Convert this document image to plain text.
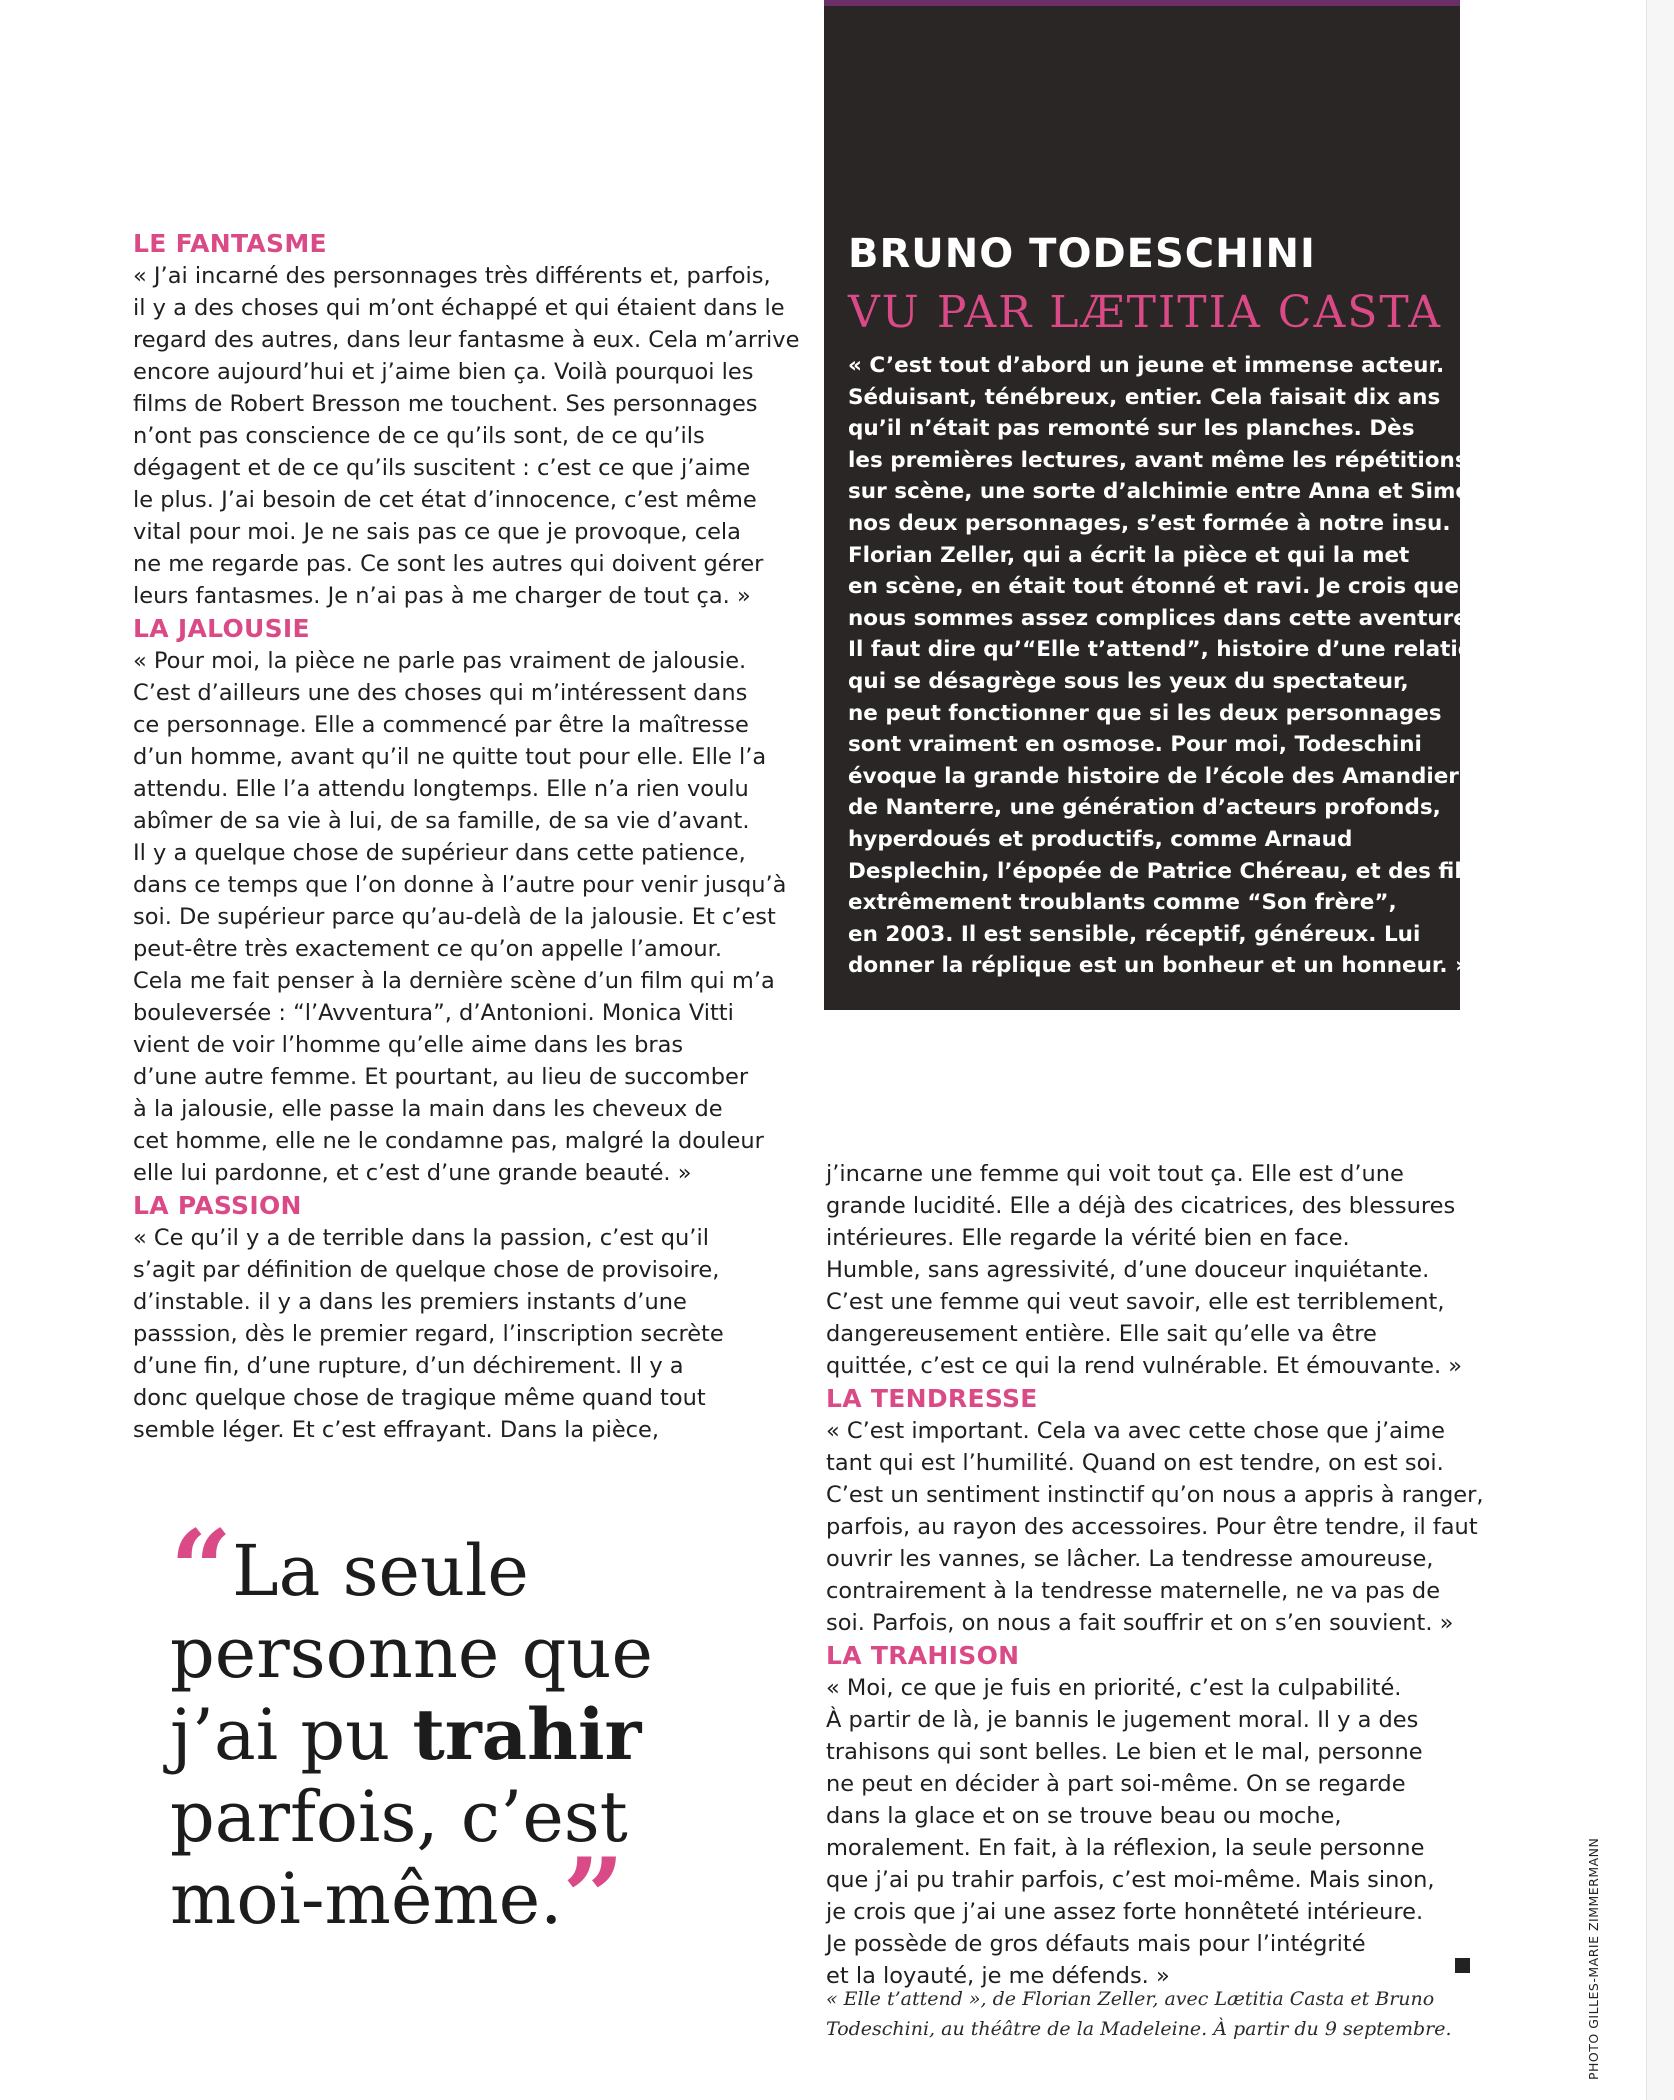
BRUNO TODESCHINI
VU PAR LÆTITIA CASTA
« C’est tout d’abord un jeune et immense acteur.
Séduisant, ténébreux, entier. Cela faisait dix ans
qu’il n’était pas remonté sur les planches. Dès
les premières lectures, avant même les répétitions
sur scène, une sorte d’alchimie entre Anna et Simon,
nos deux personnages, s’est formée à notre insu.
Florian Zeller, qui a écrit la pièce et qui la met
en scène, en était tout étonné et ravi. Je crois que
nous sommes assez complices dans cette aventure.
Il faut dire qu’“Elle t’attend”, histoire d’une relation
qui se désagrège sous les yeux du spectateur,
ne peut fonctionner que si les deux personnages
sont vraiment en osmose. Pour moi, Todeschini
évoque la grande histoire de l’école des Amandiers
de Nanterre, une génération d’acteurs profonds,
hyperdoués et productifs, comme Arnaud
Desplechin, l’épopée de Patrice Chéreau, et des films
extrêmement troublants comme “Son frère”,
en 2003. Il est sensible, réceptif, généreux. Lui
donner la réplique est un bonheur et un honneur. »
LE FANTASME
« J’ai incarné des personnages très différents et, parfois,
il y a des choses qui m’ont échappé et qui étaient dans le
regard des autres, dans leur fantasme à eux. Cela m’arrive
encore aujourd’hui et j’aime bien ça. Voilà pourquoi les
films de Robert Bresson me touchent. Ses personnages
n’ont pas conscience de ce qu’ils sont, de ce qu’ils
dégagent et de ce qu’ils suscitent : c’est ce que j’aime
le plus. J’ai besoin de cet état d’innocence, c’est même
vital pour moi. Je ne sais pas ce que je provoque, cela
ne me regarde pas. Ce sont les autres qui doivent gérer
leurs fantasmes. Je n’ai pas à me charger de tout ça. »
LA JALOUSIE
« Pour moi, la pièce ne parle pas vraiment de jalousie.
C’est d’ailleurs une des choses qui m’intéressent dans
ce personnage. Elle a commencé par être la maîtresse
d’un homme, avant qu’il ne quitte tout pour elle. Elle l’a
attendu. Elle l’a attendu longtemps. Elle n’a rien voulu
abîmer de sa vie à lui, de sa famille, de sa vie d’avant.
Il y a quelque chose de supérieur dans cette patience,
dans ce temps que l’on donne à l’autre pour venir jusqu’à
soi. De supérieur parce qu’au-delà de la jalousie. Et c’est
peut-être très exactement ce qu’on appelle l’amour.
Cela me fait penser à la dernière scène d’un film qui m’a
bouleversée : “l’Avventura”, d’Antonioni. Monica Vitti
vient de voir l’homme qu’elle aime dans les bras
d’une autre femme. Et pourtant, au lieu de succomber
à la jalousie, elle passe la main dans les cheveux de
cet homme, elle ne le condamne pas, malgré la douleur
elle lui pardonne, et c’est d’une grande beauté. »
LA PASSION
« Ce qu’il y a de terrible dans la passion, c’est qu’il
s’agit par définition de quelque chose de provisoire,
d’instable. il y a dans les premiers instants d’une
passsion, dès le premier regard, l’inscription secrète
d’une fin, d’une rupture, d’un déchirement. Il y a
donc quelque chose de tragique même quand tout
semble léger. Et c’est effrayant. Dans la pièce,
j’incarne une femme qui voit tout ça. Elle est d’une
grande lucidité. Elle a déjà des cicatrices, des blessures
intérieures. Elle regarde la vérité bien en face.
Humble, sans agressivité, d’une douceur inquiétante.
C’est une femme qui veut savoir, elle est terriblement,
dangereusement entière. Elle sait qu’elle va être
quittée, c’est ce qui la rend vulnérable. Et émouvante. »
LA TENDRESSE
« C’est important. Cela va avec cette chose que j’aime
tant qui est l’humilité. Quand on est tendre, on est soi.
C’est un sentiment instinctif qu’on nous a appris à ranger,
parfois, au rayon des accessoires. Pour être tendre, il faut
ouvrir les vannes, se lâcher. La tendresse amoureuse,
contrairement à la tendresse maternelle, ne va pas de
soi. Parfois, on nous a fait souffrir et on s’en souvient. »
LA TRAHISON
« Moi, ce que je fuis en priorité, c’est la culpabilité.
À partir de là, je bannis le jugement moral. Il y a des
trahisons qui sont belles. Le bien et le mal, personne
ne peut en décider à part soi-même. On se regarde
dans la glace et on se trouve beau ou moche,
moralement. En fait, à la réflexion, la seule personne
que j’ai pu trahir parfois, c’est moi-même. Mais sinon,
je crois que j’ai une assez forte honnêteté intérieure.
Je possède de gros défauts mais pour l’intégrité
et la loyauté, je me défends. »
“La seule
personne que
j’ai pu trahir
parfois, c’est
moi-même.”
« Elle t’attend », de Florian Zeller, avec Lætitia Casta et Bruno
Todeschini, au théâtre de la Madeleine. À partir du 9 septembre.	PHOTO GILLES-MARIE ZIMMERMANN
